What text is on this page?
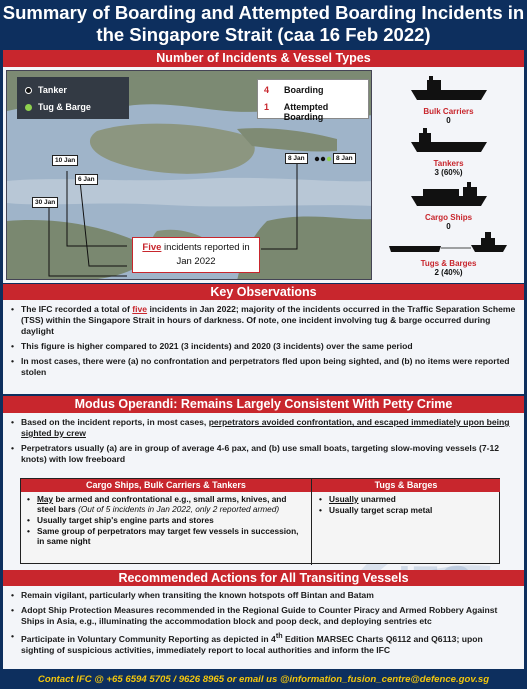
Summary of Boarding and Attempted Boarding Incidents in
the Singapore Strait (caa 16 Feb 2022)
Number of Incidents & Vessel Types
Tanker
Tug & Barge
4	Boarding
1	Attempted Boarding
10 Jan
6 Jan
30 Jan
8 Jan	8 Jan
Five incidents reported in
Jan 2022
Bulk Carriers
0
Tankers
3 (60%)
Cargo Ships
0
Tugs & Barges
2 (40%)
Key Observations
• The IFC recorded a total of five incidents in Jan 2022; majority of the incidents occurred in the Traffic Separation Scheme (TSS) within the Singapore Strait in hours of darkness. Of note, one incident involving tug & barge occurred during daylight
• This figure is higher compared to 2021 (3 incidents) and 2020 (3 incidents) over the same period
• In most cases, there were (a) no confrontation and perpetrators fled upon being sighted, and (b) no items were reported stolen
Modus Operandi: Remains Largely Consistent With Petty Crime
• Based on the incident reports, in most cases, perpetrators avoided confrontation, and escaped immediately upon being sighted by crew
• Perpetrators usually (a) are in group of average 4-6 pax, and (b) use small boats, targeting slow-moving vessels (7-12 knots) with low freeboard
Cargo Ships, Bulk Carriers & Tankers	Tugs & Barges
• May be armed and confrontational e.g., small arms, knives, and steel bars (Out of 5 incidents in Jan 2022, only 2 reported armed)
• Usually target ship's engine parts and stores
• Same group of perpetrators may target few vessels in succession, in same night
• Usually unarmed
• Usually target scrap metal
Recommended Actions for All Transiting Vessels
• Remain vigilant, particularly when transiting the known hotspots off Bintan and Batam
• Adopt Ship Protection Measures recommended in the Regional Guide to Counter Piracy and Armed Robbery Against Ships in Asia, e.g., illuminating the accommodation block and poop deck, and deploying sentries etc
• Participate in Voluntary Community Reporting as depicted in 4th Edition MARSEC Charts Q6112 and Q6113; upon sighting of suspicious activities, immediately report to local authorities and inform the IFC
Contact IFC @ +65 6594 5705 / 9626 8965 or email us @information_fusion_centre@defence.gov.sg
